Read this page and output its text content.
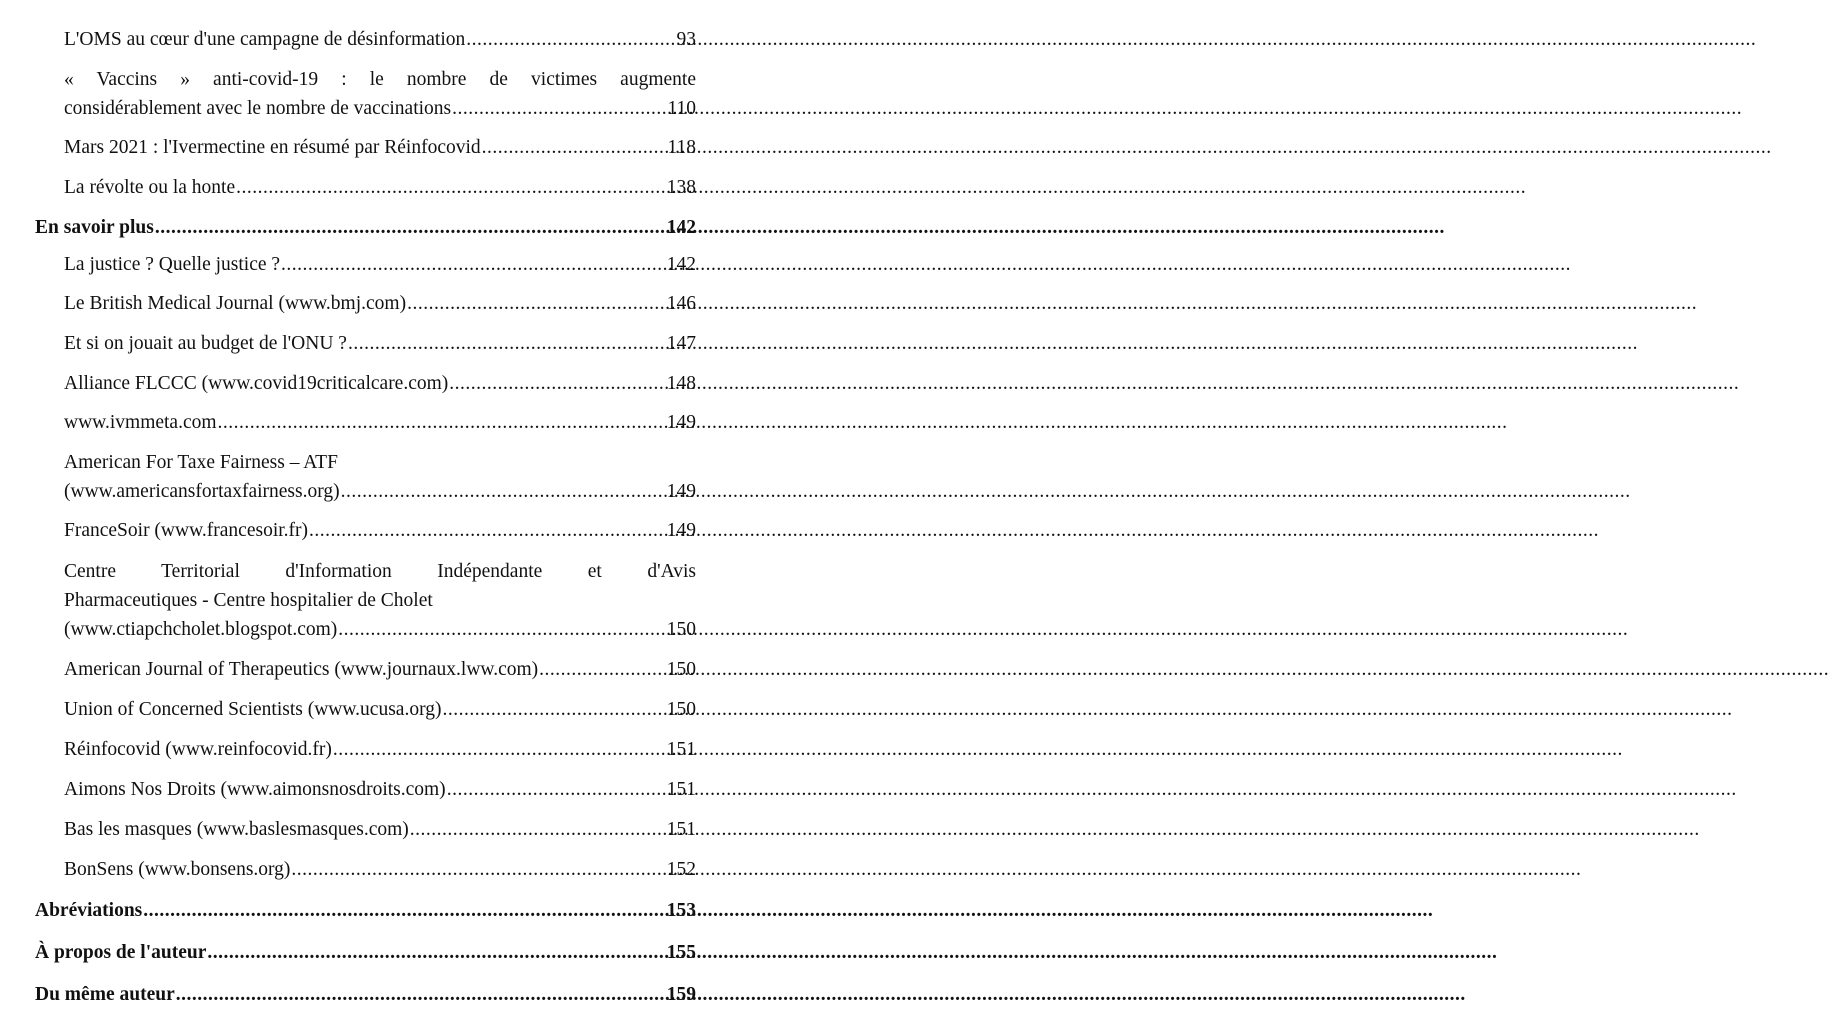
L'OMS au cœur d'une campagne de désinformation .....	93
« Vaccins » anti-covid-19 : le nombre de victimes augmente
considérablement avec le nombre de vaccinations .....	110
Mars 2021 : l'Ivermectine en résumé par Réinfocovid .....	118
La révolte ou la honte .....	138
En savoir plus .....	142
La justice ? Quelle justice ? .....	142
Le British Medical Journal (www.bmj.com) .....	146
Et si on jouait au budget de l'ONU ? .....	147
Alliance FLCCC (www.covid19criticalcare.com) .....	148
www.ivmmeta.com .....	149
American For Taxe Fairness – ATF
(www.americansfortaxfairness.org) .....	149
FranceSoir (www.francesoir.fr) .....	149
Centre Territorial d'Information Indépendante et d'Avis
Pharmaceutiques - Centre hospitalier de Cholet
(www.ctiapchcholet.blogspot.com) .....	150
American Journal of Therapeutics (www.journaux.lww.com) .....	150
Union of Concerned Scientists (www.ucusa.org) .....	150
Réinfocovid (www.reinfocovid.fr) .....	151
Aimons Nos Droits (www.aimonsnosdroits.com) .....	151
Bas les masques (www.baslesmasques.com) .....	151
BonSens (www.bonsens.org) .....	152
Abréviations .....	153
À propos de l'auteur .....	155
Du même auteur .....	159
